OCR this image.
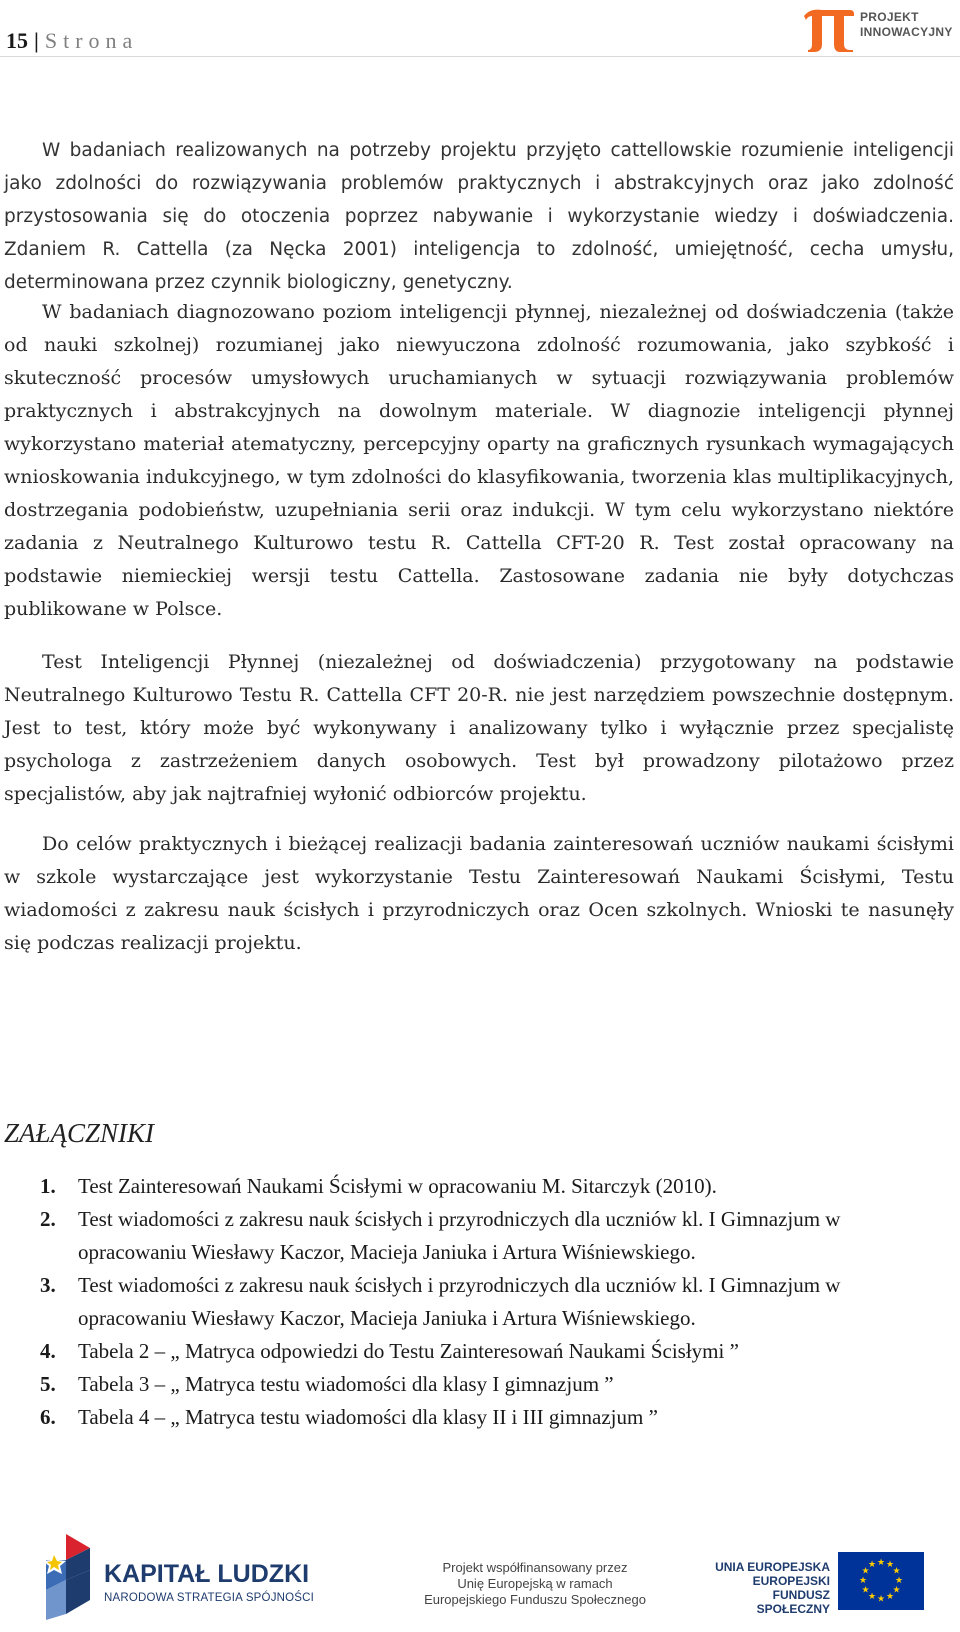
15 | Strona
PROJEKT
INNOWACYJNY

W badaniach realizowanych na potrzeby projektu przyjęto cattellowskie rozumienie inteligencji jako zdolności do rozwiązywania problemów praktycznych i abstrakcyjnych oraz jako zdolność przystosowania się do otoczenia poprzez nabywanie i wykorzystanie wiedzy i doświadczenia. Zdaniem R. Cattella (za Nęcka 2001) inteligencja to zdolność, umiejętność, cecha umysłu, determinowana przez czynnik biologiczny, genetyczny.

W badaniach diagnozowano poziom inteligencji płynnej, niezależnej od doświadczenia (także od nauki szkolnej) rozumianej jako niewyuczona zdolność rozumowania, jako szybkość i skuteczność procesów umysłowych uruchamianych w sytuacji rozwiązywania problemów praktycznych i abstrakcyjnych na dowolnym materiale. W diagnozie inteligencji płynnej wykorzystano materiał atematyczny, percepcyjny oparty na graficznych rysunkach wymagających wnioskowania indukcyjnego, w tym zdolności do klasyfikowania, tworzenia klas multiplikacyjnych, dostrzegania podobieństw, uzupełniania serii oraz indukcji. W tym celu wykorzystano niektóre zadania z Neutralnego Kulturowo testu R. Cattella CFT-20 R. Test został opracowany na podstawie niemieckiej wersji testu Cattella. Zastosowane zadania nie były dotychczas publikowane w Polsce.

Test Inteligencji Płynnej (niezależnej od doświadczenia) przygotowany na podstawie Neutralnego Kulturowo Testu R. Cattella CFT 20-R. nie jest narzędziem powszechnie dostępnym. Jest to test, który może być wykonywany i analizowany tylko i wyłącznie przez specjalistę psychologa z zastrzeżeniem danych osobowych. Test był prowadzony pilotażowo przez specjalistów, aby jak najtrafniej wyłonić odbiorców projektu.

Do celów praktycznych i bieżącej realizacji badania zainteresowań uczniów naukami ścisłymi w szkole wystarczające jest wykorzystanie Testu Zainteresowań Naukami Ścisłymi, Testu wiadomości z zakresu nauk ścisłych i przyrodniczych oraz Ocen szkolnych. Wnioski te nasunęły się podczas realizacji projektu.

ZAŁĄCZNIKI
1.	Test Zainteresowań Naukami Ścisłymi w opracowaniu M. Sitarczyk (2010).
2.	Test wiadomości z zakresu nauk ścisłych i przyrodniczych dla uczniów kl. I Gimnazjum w opracowaniu Wiesławy Kaczor, Macieja Janiuka i Artura Wiśniewskiego.
3.	Test wiadomości z zakresu nauk ścisłych i przyrodniczych dla uczniów kl. I Gimnazjum w opracowaniu Wiesławy Kaczor, Macieja Janiuka i Artura Wiśniewskiego.
4.	Tabela 2 – „ Matryca odpowiedzi do Testu Zainteresowań Naukami Ścisłymi ”
5.	Tabela 3 – „ Matryca testu wiadomości dla klasy I gimnazjum ”
6.	Tabela 4 – „ Matryca testu wiadomości dla klasy II i III gimnazjum ”
KAPITAŁ LUDZKI
NARODOWA STRATEGIA SPÓJNOŚCI
Projekt współfinansowany przez
Unię Europejską w ramach
Europejskiego Funduszu Społecznego
UNIA EUROPEJSKA
EUROPEJSKI
FUNDUSZ SPOŁECZNY
★ ★
★
★
★
★
★
★
★
★
★
★
